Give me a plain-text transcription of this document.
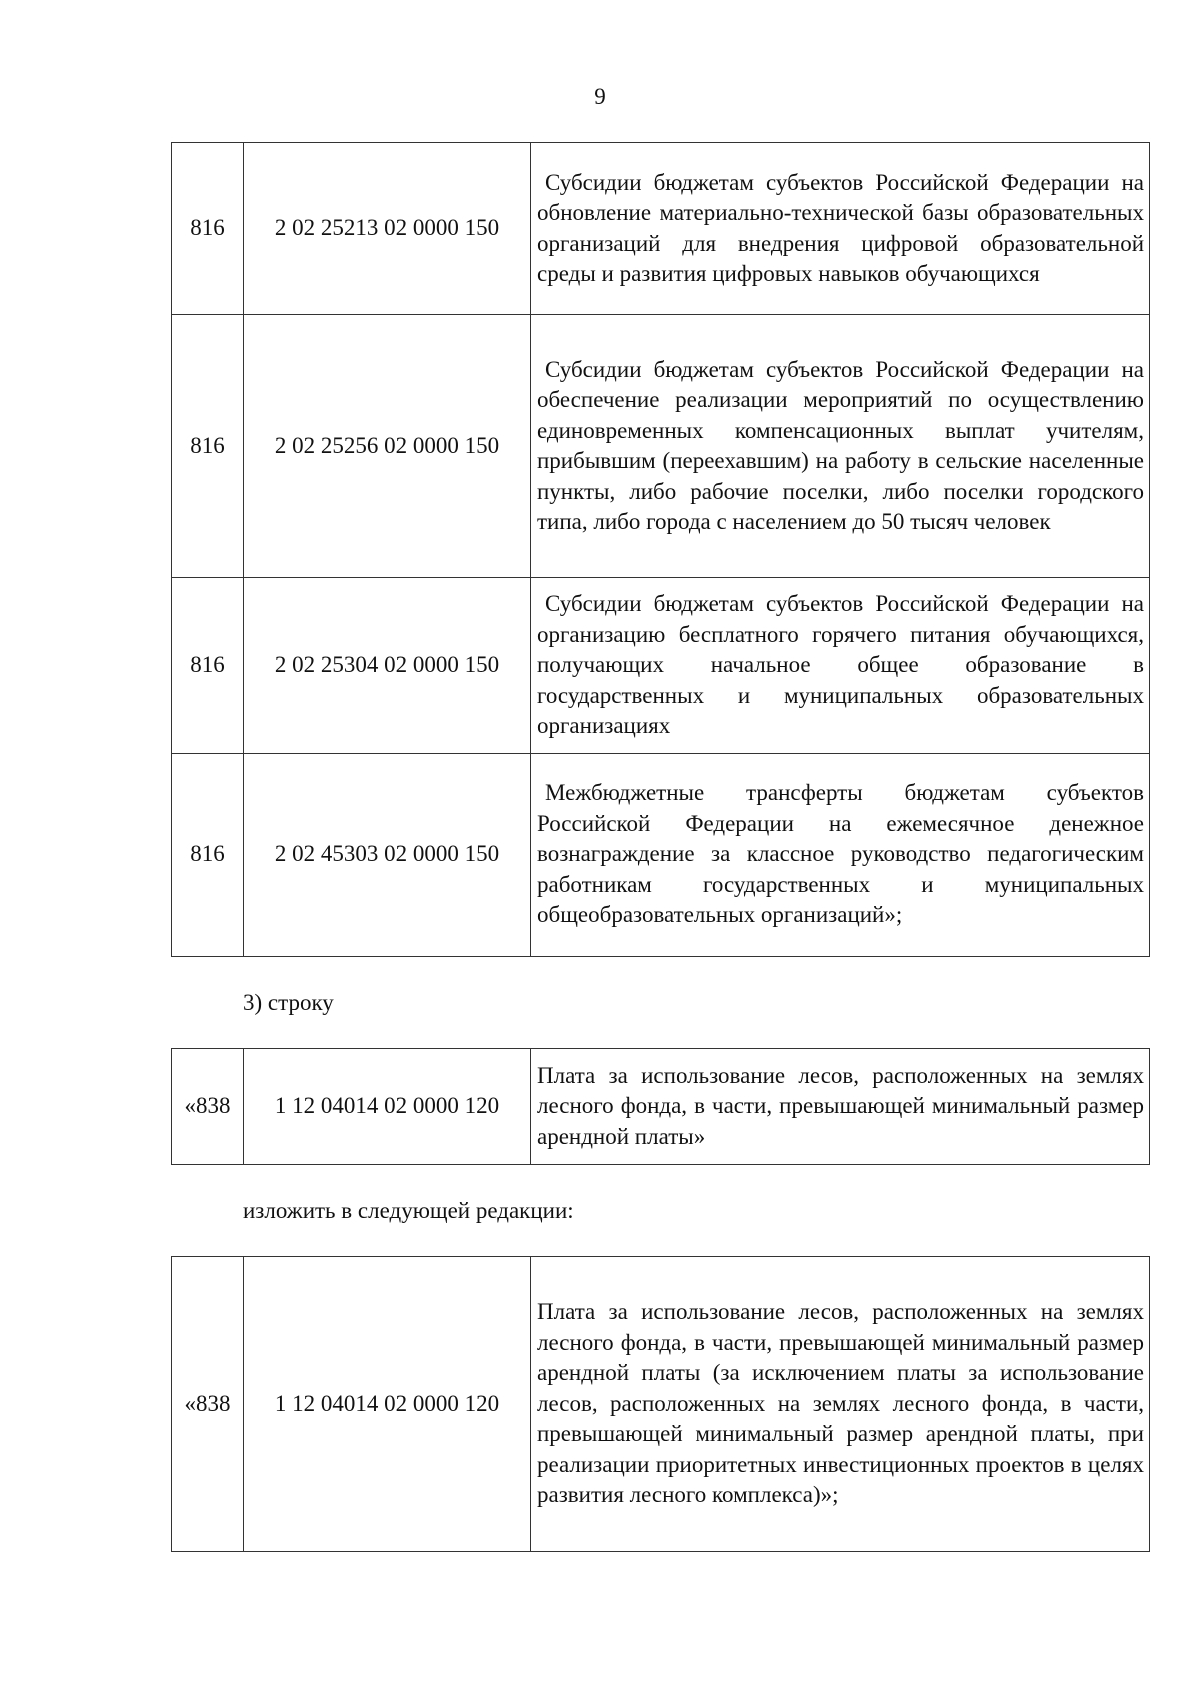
9
816	2 02 25213 02 0000 150	Субсидии бюджетам субъектов Российской Федерации на обновление материально-технической базы образовательных организаций для внедрения цифровой образовательной среды и развития цифровых навыков обучающихся

816	2 02 25256 02 0000 150	Субсидии бюджетам субъектов Российской Федерации на обеспечение реализации мероприятий по осуществлению единовременных компенсационных выплат учителям, прибывшим (переехавшим) на работу в сельские населенные пункты, либо рабочие поселки, либо поселки городского типа, либо города с населением до 50 тысяч человек

816	2 02 25304 02 0000 150	Субсидии бюджетам субъектов Российской Федерации на организацию бесплатного горячего питания обучающихся, получающих начальное общее образование в государственных и муниципальных образовательных организациях

816	2 02 45303 02 0000 150	Межбюджетные трансферты бюджетам субъектов Российской Федерации на ежемесячное денежное вознаграждение за классное руководство педагогическим работникам государственных и муниципальных общеобразовательных организаций»;
3) строку
«838	1 12 04014 02 0000 120	Плата за использование лесов, расположенных на землях лесного фонда, в части, превышающей минимальный размер арендной платы»
изложить в следующей редакции:
«838	1 12 04014 02 0000 120	Плата за использование лесов, расположенных на землях лесного фонда, в части, превышающей минимальный размер арендной платы (за исключением платы за использование лесов, расположенных на землях лесного фонда, в части, превышающей минимальный размер арендной платы, при реализации приоритетных инвестиционных проектов в целях развития лесного комплекса)»;
